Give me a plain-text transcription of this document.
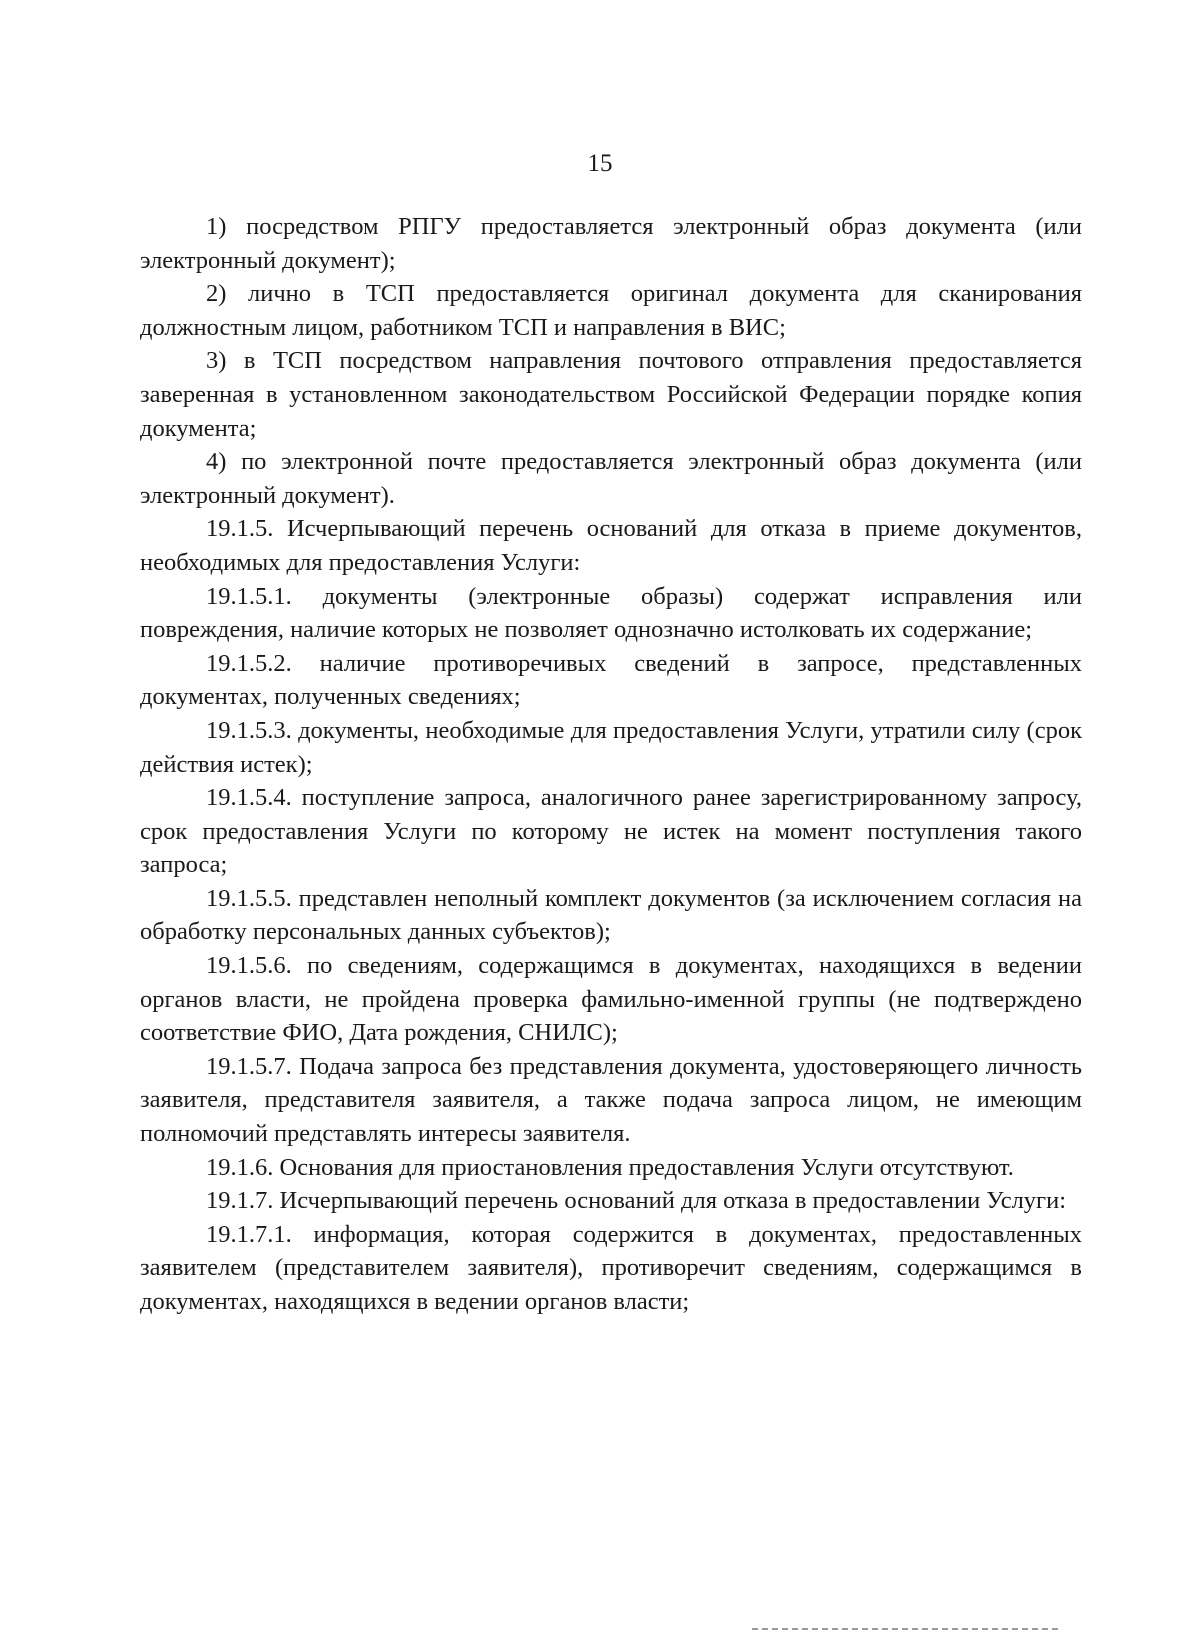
15

1) посредством РПГУ предоставляется электронный образ документа (или электронный документ);

2) лично в ТСП предоставляется оригинал документа для сканирования должностным лицом, работником ТСП и направления в ВИС;

3) в ТСП посредством направления почтового отправления предоставляется заверенная в установленном законодательством Российской Федерации порядке копия документа;

4) по электронной почте предоставляется электронный образ документа (или электронный документ).

19.1.5. Исчерпывающий перечень оснований для отказа в приеме документов, необходимых для предоставления Услуги:

19.1.5.1. документы (электронные образы) содержат исправления или повреждения, наличие которых не позволяет однозначно истолковать их содержание;

19.1.5.2. наличие противоречивых сведений в запросе, представленных документах, полученных сведениях;

19.1.5.3. документы, необходимые для предоставления Услуги, утратили силу (срок действия истек);

19.1.5.4. поступление запроса, аналогичного ранее зарегистрированному запросу, срок предоставления Услуги по которому не истек на момент поступления такого запроса;

19.1.5.5. представлен неполный комплект документов (за исключением согласия на обработку персональных данных субъектов);

19.1.5.6. по сведениям, содержащимся в документах, находящихся в ведении органов власти, не пройдена проверка фамильно-именной группы (не подтверждено соответствие ФИО, Дата рождения, СНИЛС);

19.1.5.7. Подача запроса без представления документа, удостоверяющего личность заявителя, представителя заявителя, а также подача запроса лицом, не имеющим полномочий представлять интересы заявителя.

19.1.6. Основания для приостановления предоставления Услуги отсутствуют.

19.1.7. Исчерпывающий перечень оснований для отказа в предоставлении Услуги:

19.1.7.1. информация, которая содержится в документах, предоставленных заявителем (представителем заявителя), противоречит сведениям, содержащимся в документах, находящихся в ведении органов власти;
